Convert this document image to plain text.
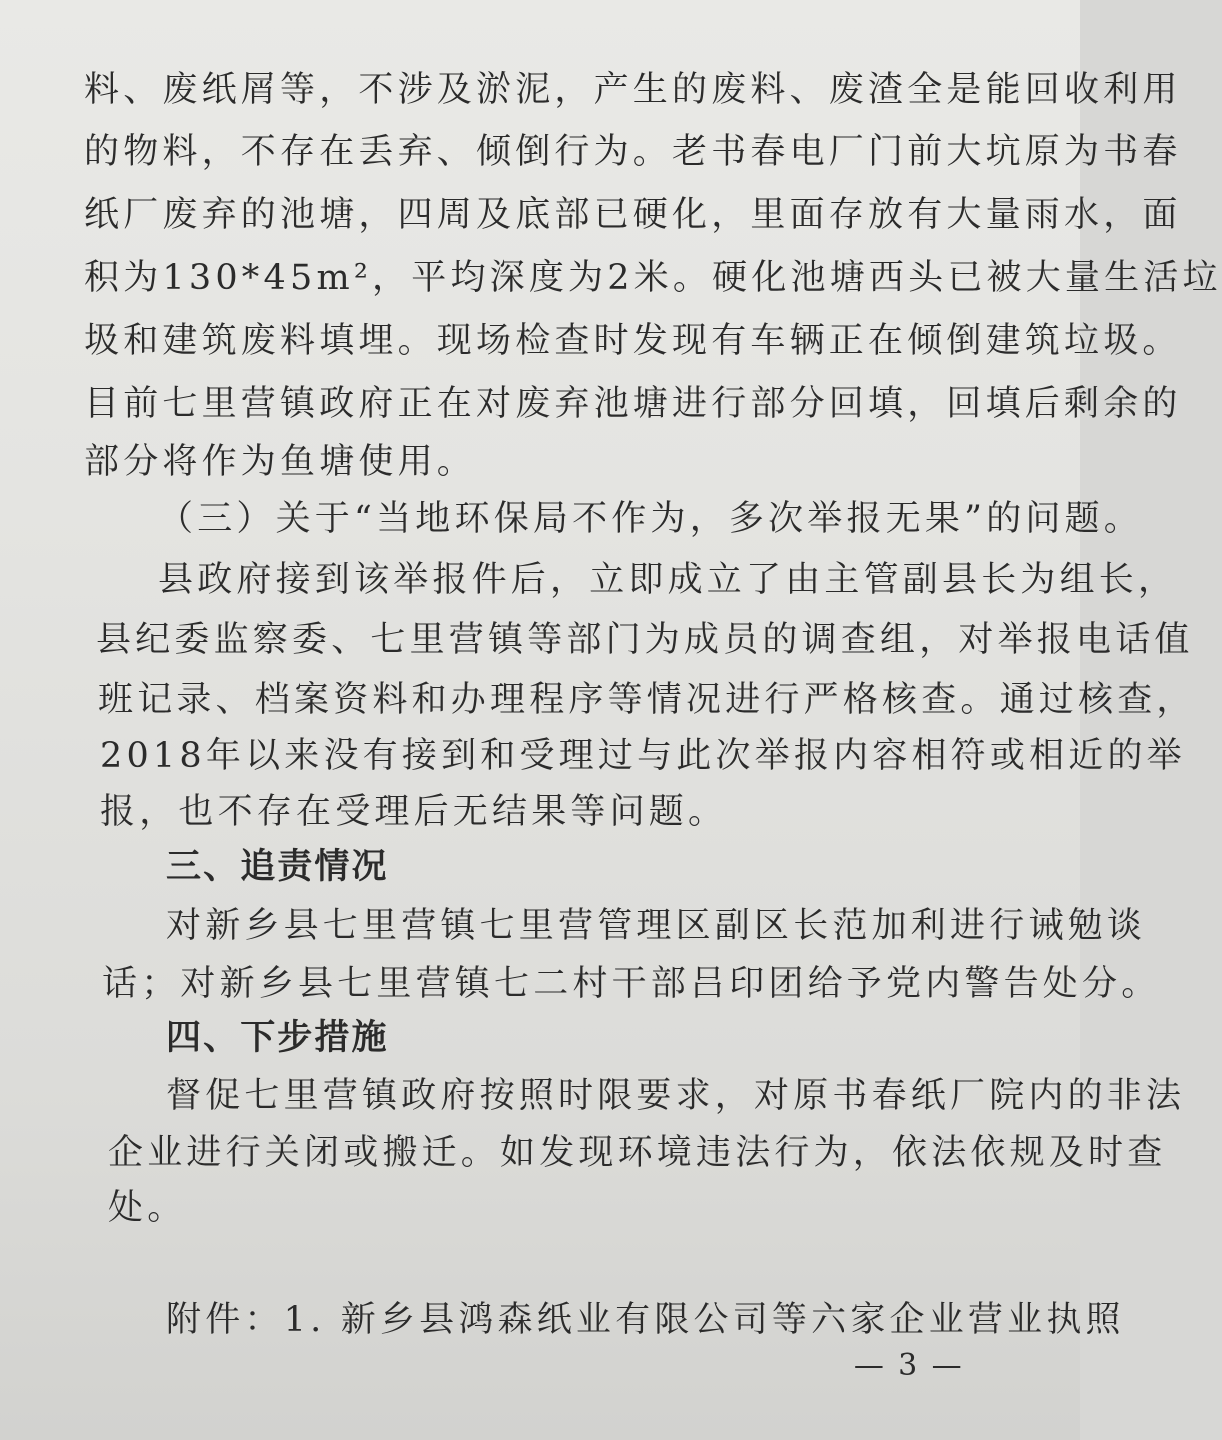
料、废纸屑等，不涉及淤泥，产生的废料、废渣全是能回收利用
的物料，不存在丢弃、倾倒行为。老书春电厂门前大坑原为书春
纸厂废弃的池塘，四周及底部已硬化，里面存放有大量雨水，面
积为130*45m²，平均深度为2米。硬化池塘西头已被大量生活垃
圾和建筑废料填埋。现场检查时发现有车辆正在倾倒建筑垃圾。
目前七里营镇政府正在对废弃池塘进行部分回填，回填后剩余的
部分将作为鱼塘使用。
（三）关于“当地环保局不作为，多次举报无果”的问题。
县政府接到该举报件后，立即成立了由主管副县长为组长，
县纪委监察委、七里营镇等部门为成员的调查组，对举报电话值
班记录、档案资料和办理程序等情况进行严格核查。通过核查，
2018年以来没有接到和受理过与此次举报内容相符或相近的举
报，也不存在受理后无结果等问题。
三、追责情况
对新乡县七里营镇七里营管理区副区长范加利进行诫勉谈
话；对新乡县七里营镇七二村干部吕印团给予党内警告处分。
四、下步措施
督促七里营镇政府按照时限要求，对原书春纸厂院内的非法
企业进行关闭或搬迁。如发现环境违法行为，依法依规及时查
处。
附件：1. 新乡县鸿森纸业有限公司等六家企业营业执照
— 3 —
